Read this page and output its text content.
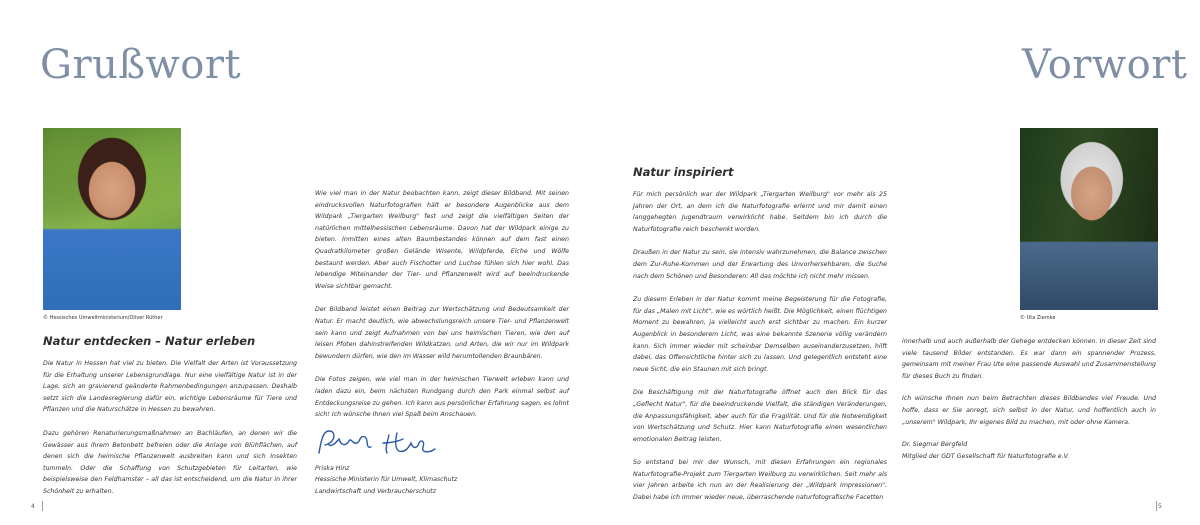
Grußwort	Vorwort
© Hessisches Umweltministerium/Oliver Rüther	© Uta Ziemke
Natur entdecken – Natur erleben

Die Natur in Hessen hat viel zu bieten. Die Vielfalt der Arten ist Voraussetzung für die Erhaltung unserer Lebensgrundlage. Nur eine vielfältige Natur ist in der Lage, sich an gravierend geänderte Rahmenbedingungen anzupassen. Deshalb setzt sich die Landesregierung dafür ein, wichtige Lebensräume für Tiere und Pflanzen und die Naturschätze in Hessen zu bewahren.

Dazu gehören Renaturierungsmaßnahmen an Bachläufen, an denen wir die Gewässer aus ihrem Betonbett befreien oder die Anlage von Blühflächen, auf denen sich die heimische Pflanzenwelt ausbreiten kann und sich Insekten tummeln. Oder die Schaffung von Schutzgebieten für Leitarten, wie beispielsweise den Feldhamster – all das ist entscheidend, um die Natur in ihrer Schönheit zu erhalten.

Wie viel man in der Natur beobachten kann, zeigt dieser Bildband. Mit seinen eindrucksvollen Naturfotografien hält er besondere Augenblicke aus dem Wildpark „Tiergarten Weilburg" fest und zeigt die vielfältigen Seiten der natürlichen mittelhessischen Lebensräume. Davon hat der Wildpark einige zu bieten. Inmitten eines alten Baumbestandes können auf dem fast einen Quadratkilometer großen Gelände Wisente, Wildpferde, Elche und Wölfe bestaunt werden. Aber auch Fischotter und Luchse fühlen sich hier wohl. Das lebendige Miteinander der Tier- und Pflanzenwelt wird auf beeindruckende Weise sichtbar gemacht.

Der Bildband leistet einen Beitrag zur Wertschätzung und Bedeutsamkeit der Natur. Er macht deutlich, wie abwechslungsreich unsere Tier- und Pflanzenwelt sein kann und zeigt Aufnahmen von bei uns heimischen Tieren, wie den auf leisen Pfoten dahinstreifenden Wildkatzen, und Arten, die wir nur im Wildpark bewundern dürfen, wie den im Wasser wild herumtollenden Braunbären.

Die Fotos zeigen, wie viel man in der heimischen Tierwelt erleben kann und laden dazu ein, beim nächsten Rundgang durch den Park einmal selbst auf Entdeckungsreise zu gehen. Ich kann aus persönlicher Erfahrung sagen, es lohnt sich! Ich wünsche Ihnen viel Spaß beim Anschauen.

Priska Hinz
Hessische Ministerin für Umwelt, Klimaschutz
Landwirtschaft und Verbraucherschutz
Natur inspiriert

Für mich persönlich war der Wildpark „Tiergarten Weilburg" vor mehr als 25 Jahren der Ort, an dem ich die Naturfotografie erlernt und mir damit einen langgehegten Jugendtraum verwirklicht habe. Seitdem bin ich durch die Naturfotografie reich beschenkt worden.

Draußen in der Natur zu sein, sie intensiv wahrzunehmen, die Balance zwischen dem Zur-Ruhe-Kommen und der Erwartung des Unvorhersehbaren, die Suche nach dem Schönen und Besonderen: All das möchte ich nicht mehr missen.

Zu diesem Erleben in der Natur kommt meine Begeisterung für die Fotografie, für das „Malen mit Licht", wie es wörtlich heißt. Die Möglichkeit, einen flüchtigen Moment zu bewahren, ja vielleicht auch erst sichtbar zu machen. Ein kurzer Augenblick in besonderem Licht, was eine bekannte Szenerie völlig verändern kann. Sich immer wieder mit scheinbar Demselben auseinanderzusetzen, hilft dabei, das Offensichtliche hinter sich zu lassen. Und gelegentlich entsteht eine neue Sicht, die ein Staunen mit sich bringt.

Die Beschäftigung mit der Naturfotografie öffnet auch den Blick für das „Geflecht Natur", für die beeindruckende Vielfalt, die ständigen Veränderungen, die Anpassungsfähigkeit, aber auch für die Fragilität. Und für die Notwendigkeit von Wertschätzung und Schutz. Hier kann Naturfotografie einen wesentlichen emotionalen Beitrag leisten.

So entstand bei mir der Wunsch, mit diesen Erfahrungen ein regionales Naturfotografie-Projekt zum Tiergarten Weilburg zu verwirklichen. Seit mehr als vier Jahren arbeite ich nun an der Realisierung der „Wildpark Impressionen". Dabei habe ich immer wieder neue, überraschende naturfotografische Facetten

innerhalb und auch außerhalb der Gehege entdecken können. In dieser Zeit sind viele tausend Bilder entstanden. Es war dann ein spannender Prozess, gemeinsam mit meiner Frau Ute eine passende Auswahl und Zusammenstellung für dieses Buch zu finden.

Ich wünsche Ihnen nun beim Betrachten dieses Bildbandes viel Freude. Und hoffe, dass er Sie anregt, sich selbst in der Natur, und hoffentlich auch in „unserem" Wildpark, Ihr eigenes Bild zu machen, mit oder ohne Kamera.

Dr. Siegmar Bergfeld
Mitglied der GDT Gesellschaft für Naturfotografie e.V.
4	5
